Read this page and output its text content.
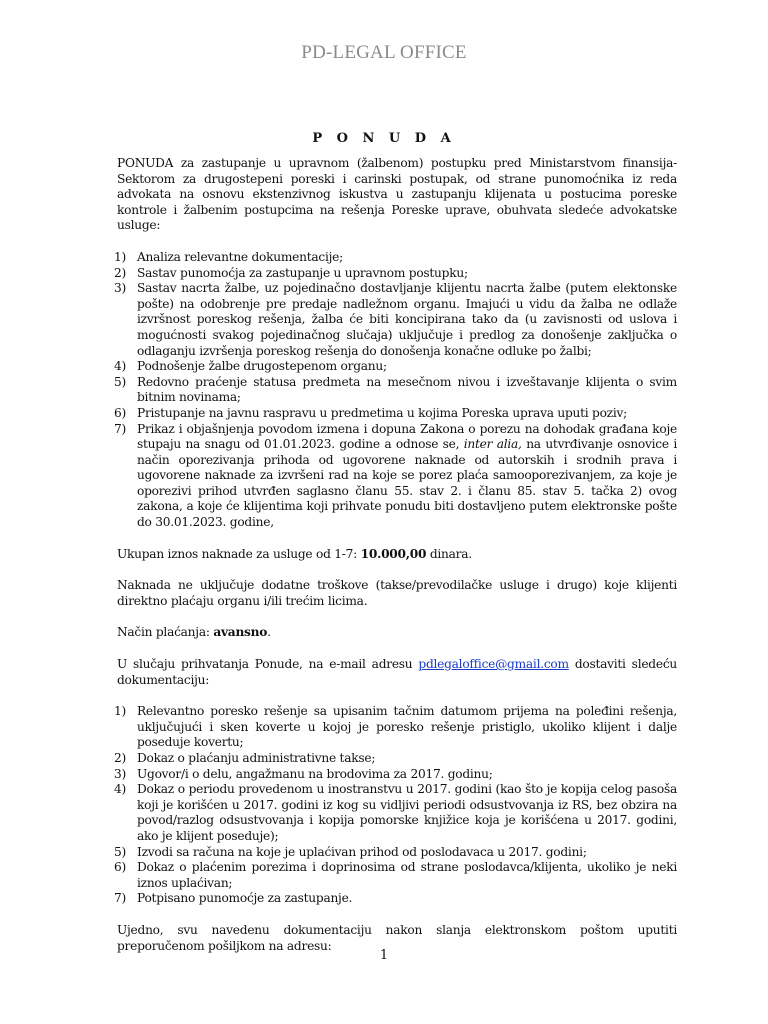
PD-LEGAL OFFICE
P O N U D A

PONUDA za zastupanje u upravnom (žalbenom) postupku pred Ministarstvom finansija-Sektorom za drugostepeni poreski i carinski postupak, od strane punomoćnika iz reda advokata na osnovu ekstenzivnog iskustva u zastupanju klijenata u postucima poreske kontrole i žalbenim postupcima na rešenja Poreske uprave, obuhvata sledeće advokatske usluge:

1) Analiza relevantne dokumentacije;
2) Sastav punomoćja za zastupanje u upravnom postupku;
3) Sastav nacrta žalbe, uz pojedinačno dostavljanje klijentu nacrta žalbe (putem elektonske pošte) na odobrenje pre predaje nadležnom organu. Imajući u vidu da žalba ne odlaže izvršnost poreskog rešenja, žalba će biti koncipirana tako da (u zavisnosti od uslova i mogućnosti svakog pojedinačnog slučaja) uključuje i predlog za donošenje zaključka o odlaganju izvršenja poreskog rešenja do donošenja konačne odluke po žalbi;
4) Podnošenje žalbe drugostepenom organu;
5) Redovno praćenje statusa predmeta na mesečnom nivou i izveštavanje klijenta o svim bitnim novinama;
6) Pristupanje na javnu raspravu u predmetima u kojima Poreska uprava uputi poziv;
7) Prikaz i objašnjenja povodom izmena i dopuna Zakona o porezu na dohodak građana koje stupaju na snagu od 01.01.2023. godine a odnose se, inter alia, na utvrđivanje osnovice i način oporezivanja prihoda od ugovorene naknade od autorskih i srodnih prava i ugovorene naknade za izvršeni rad na koje se porez plaća samooporezivanjem, za koje je oporezivi prihod utvrđen saglasno članu 55. stav 2. i članu 85. stav 5. tačka 2) ovog zakona, a koje će klijentima koji prihvate ponudu biti dostavljeno putem elektronske pošte do 30.01.2023. godine,

Ukupan iznos naknade za usluge od 1-7: 10.000,00 dinara.

Naknada ne uključuje dodatne troškove (takse/prevodilačke usluge i drugo) koje klijenti direktno plaćaju organu i/ili trećim licima.

Način plaćanja: avansno.

U slučaju prihvatanja Ponude, na e-mail adresu pdlegaloffice@gmail.com dostaviti sledeću dokumentaciju:

1) Relevantno poresko rešenje sa upisanim tačnim datumom prijema na poleđini rešenja, uključujući i sken koverte u kojoj je poresko rešenje pristiglo, ukoliko klijent i dalje poseduje kovertu;
2) Dokaz o plaćanju administrativne takse;
3) Ugovor/i o delu, angažmanu na brodovima za 2017. godinu;
4) Dokaz o periodu provedenom u inostranstvu u 2017. godini (kao što je kopija celog pasoša koji je korišćen u 2017. godini iz kog su vidljivi periodi odsustvovanja iz RS, bez obzira na povod/razlog odsustvovanja i kopija pomorske knjižice koja je korišćena u 2017. godini, ako je klijent poseduje);
5) Izvodi sa računa na koje je uplaćivan prihod od poslodavaca u 2017. godini;
6) Dokaz o plaćenim porezima i doprinosima od strane poslodavca/klijenta, ukoliko je neki iznos uplaćivan;
7) Potpisano punomoćje za zastupanje.

Ujedno, svu navedenu dokumentaciju nakon slanja elektronskom poštom uputiti preporučenom pošiljkom na adresu:

1
